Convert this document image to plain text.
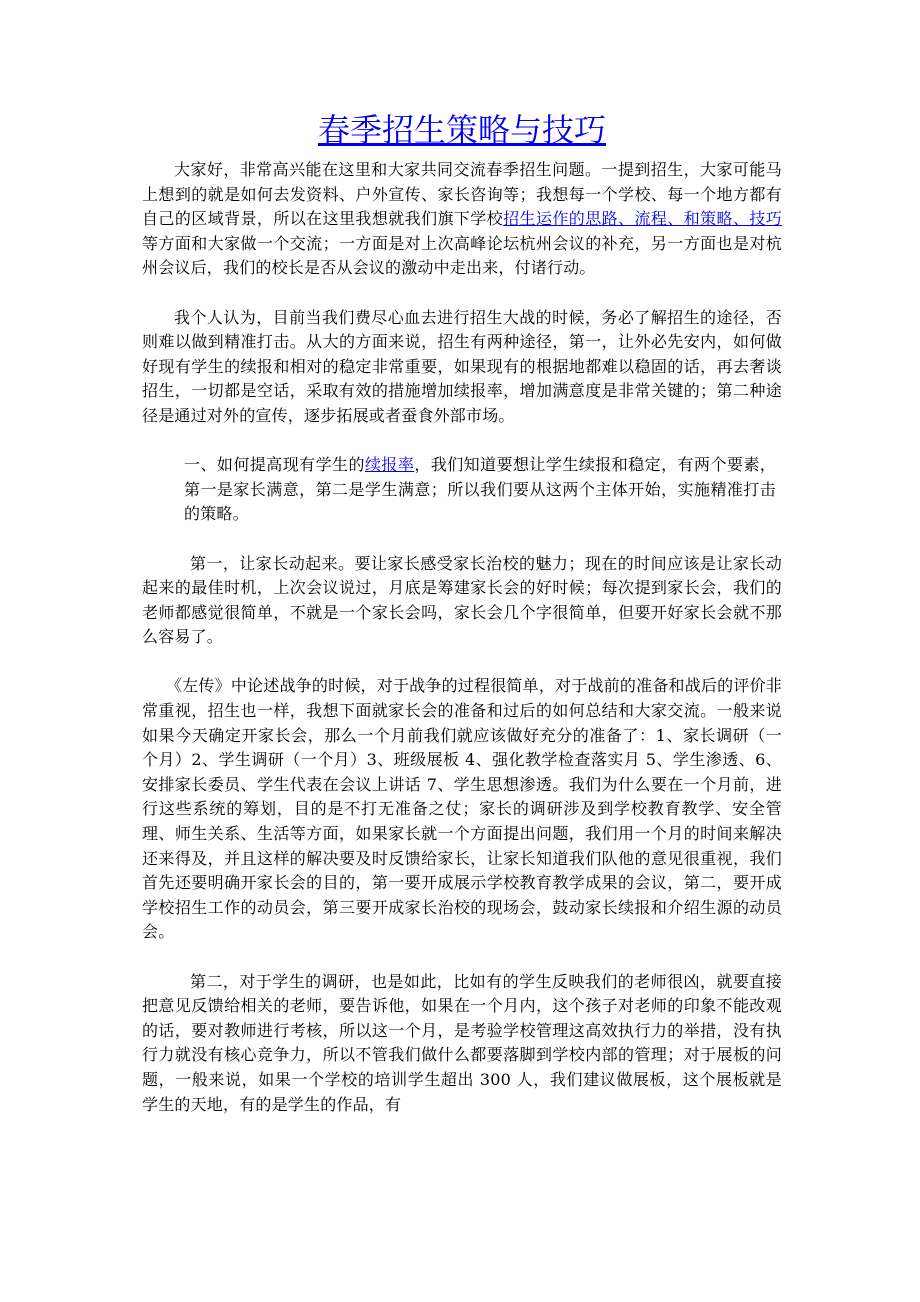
春季招生策略与技巧

大家好，非常高兴能在这里和大家共同交流春季招生问题。一提到招生，大家可能马上想到的就是如何去发资料、户外宣传、家长咨询等；我想每一个学校、每一个地方都有自己的区域背景，所以在这里我想就我们旗下学校招生运作的思路、流程、和策略、技巧等方面和大家做一个交流；一方面是对上次高峰论坛杭州会议的补充，另一方面也是对杭州会议后，我们的校长是否从会议的激动中走出来，付诸行动。

我个人认为，目前当我们费尽心血去进行招生大战的时候，务必了解招生的途径，否则难以做到精准打击。从大的方面来说，招生有两种途径，第一，让外必先安内，如何做好现有学生的续报和相对的稳定非常重要，如果现有的根据地都难以稳固的话，再去奢谈招生，一切都是空话，采取有效的措施增加续报率，增加满意度是非常关键的；第二种途径是通过对外的宣传，逐步拓展或者蚕食外部市场。

一、如何提高现有学生的续报率，我们知道要想让学生续报和稳定，有两个要素，第一是家长满意，第二是学生满意；所以我们要从这两个主体开始，实施精准打击的策略。

第一，让家长动起来。要让家长感受家长治校的魅力；现在的时间应该是让家长动起来的最佳时机，上次会议说过，月底是筹建家长会的好时候；每次提到家长会，我们的老师都感觉很简单，不就是一个家长会吗，家长会几个字很简单，但要开好家长会就不那么容易了。

《左传》中论述战争的时候，对于战争的过程很简单，对于战前的准备和战后的评价非常重视，招生也一样，我想下面就家长会的准备和过后的如何总结和大家交流。一般来说如果今天确定开家长会，那么一个月前我们就应该做好充分的准备了：1、家长调研（一个月）2、学生调研（一个月）3、班级展板 4、强化教学检查落实月 5、学生渗透、6、安排家长委员、学生代表在会议上讲话 7、学生思想渗透。我们为什么要在一个月前，进行这些系统的筹划，目的是不打无准备之仗；家长的调研涉及到学校教育教学、安全管理、师生关系、生活等方面，如果家长就一个方面提出问题，我们用一个月的时间来解决还来得及，并且这样的解决要及时反馈给家长，让家长知道我们队他的意见很重视，我们首先还要明确开家长会的目的，第一要开成展示学校教育教学成果的会议，第二，要开成学校招生工作的动员会，第三要开成家长治校的现场会，鼓动家长续报和介绍生源的动员会。

第二，对于学生的调研，也是如此，比如有的学生反映我们的老师很凶，就要直接把意见反馈给相关的老师，要告诉他，如果在一个月内，这个孩子对老师的印象不能改观的话，要对教师进行考核，所以这一个月，是考验学校管理这高效执行力的举措，没有执行力就没有核心竞争力，所以不管我们做什么都要落脚到学校内部的管理；对于展板的问题，一般来说，如果一个学校的培训学生超出 300 人，我们建议做展板，这个展板就是学生的天地，有的是学生的作品，有
